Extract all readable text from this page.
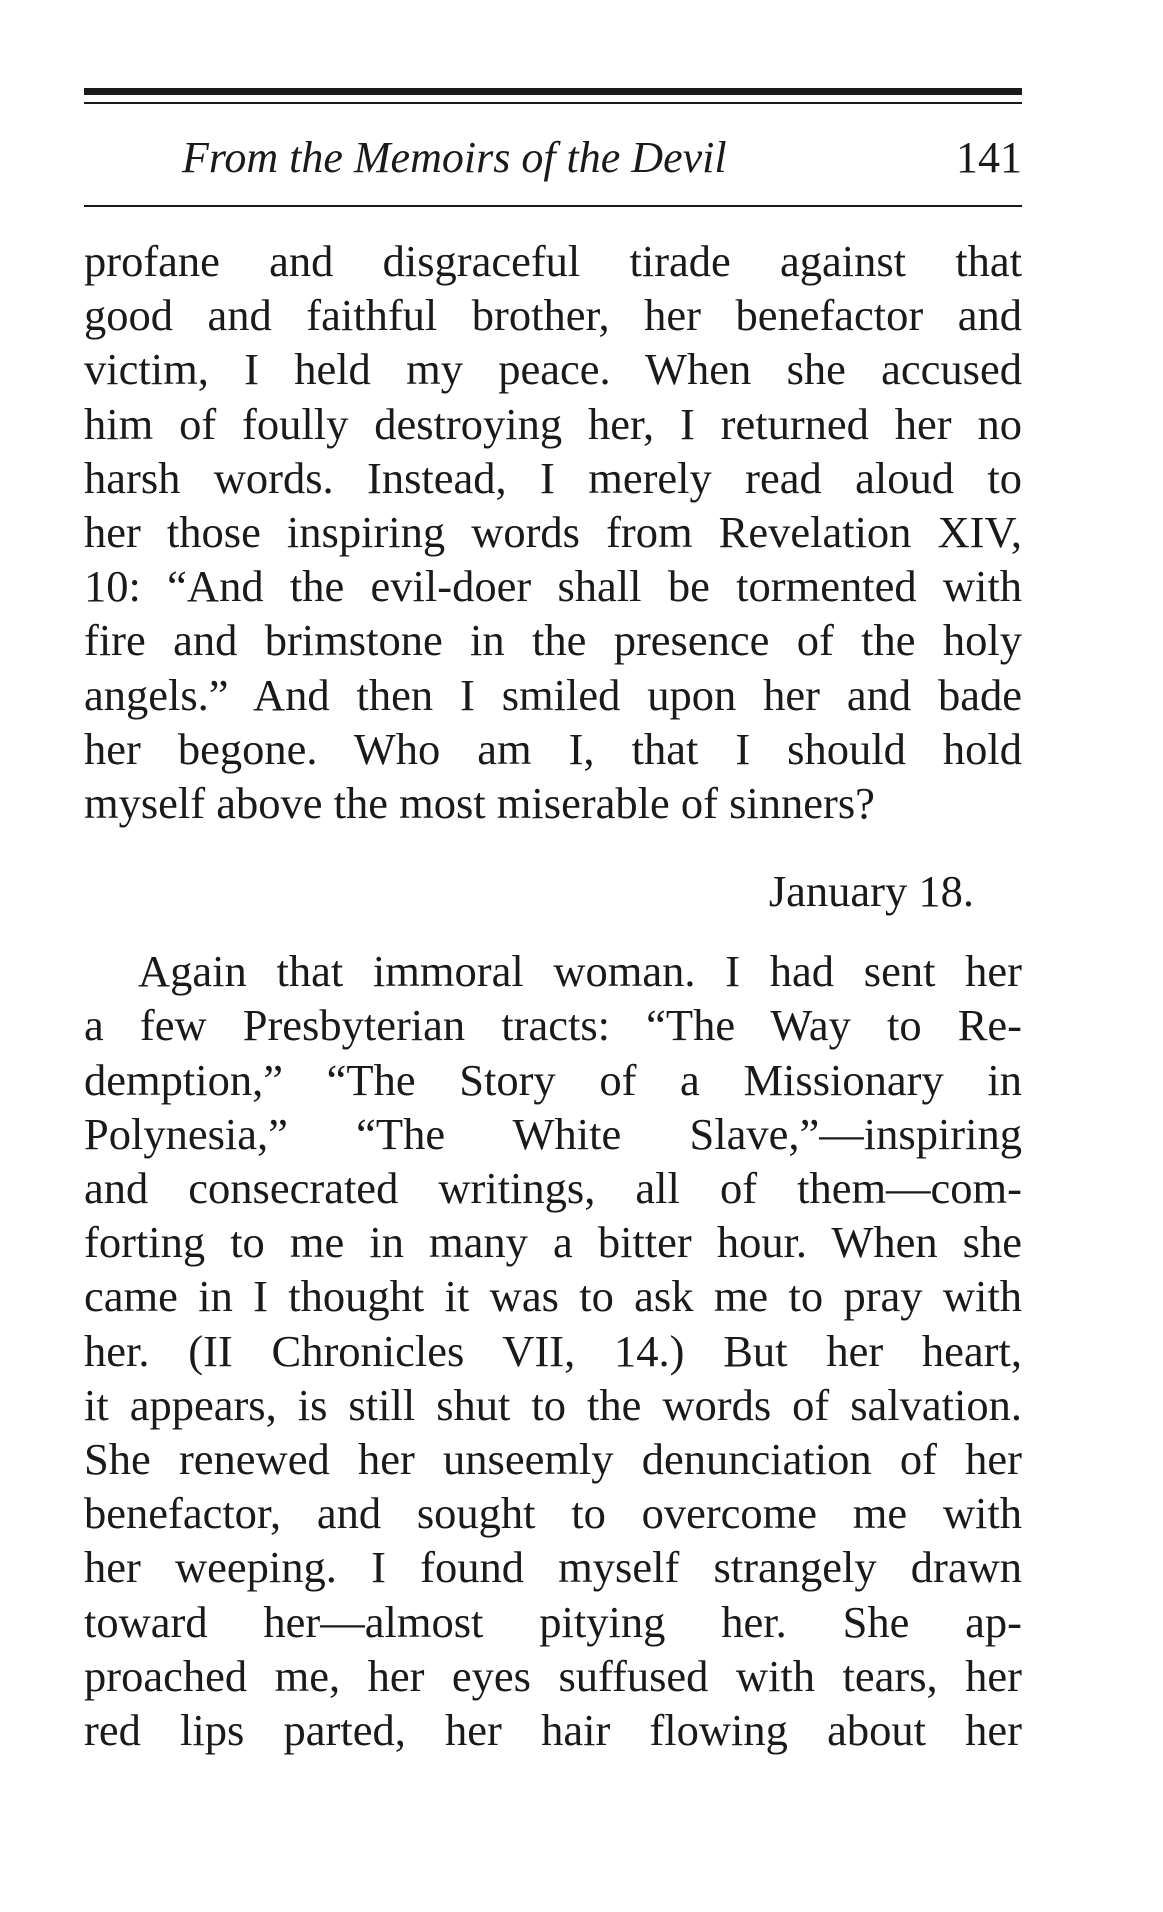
From the Memoirs of the Devil	141
profane and disgraceful tirade against that
good and faithful brother, her benefactor and
victim, I held my peace. When she accused
him of foully destroying her, I returned her no
harsh words. Instead, I merely read aloud to
her those inspiring words from Revelation XIV,
10: “And the evil-doer shall be tormented with
fire and brimstone in the presence of the holy
angels.” And then I smiled upon her and bade
her begone. Who am I, that I should hold
myself above the most miserable of sinners?
January 18.
Again that immoral woman. I had sent her
a few Presbyterian tracts: “The Way to Re-
demption,” “The Story of a Missionary in
Polynesia,” “The White Slave,”—inspiring
and consecrated writings, all of them—com-
forting to me in many a bitter hour. When she
came in I thought it was to ask me to pray with
her. (II Chronicles VII, 14.) But her heart,
it appears, is still shut to the words of salvation.
She renewed her unseemly denunciation of her
benefactor, and sought to overcome me with
her weeping. I found myself strangely drawn
toward her—almost pitying her. She ap-
proached me, her eyes suffused with tears, her
red lips parted, her hair flowing about her
